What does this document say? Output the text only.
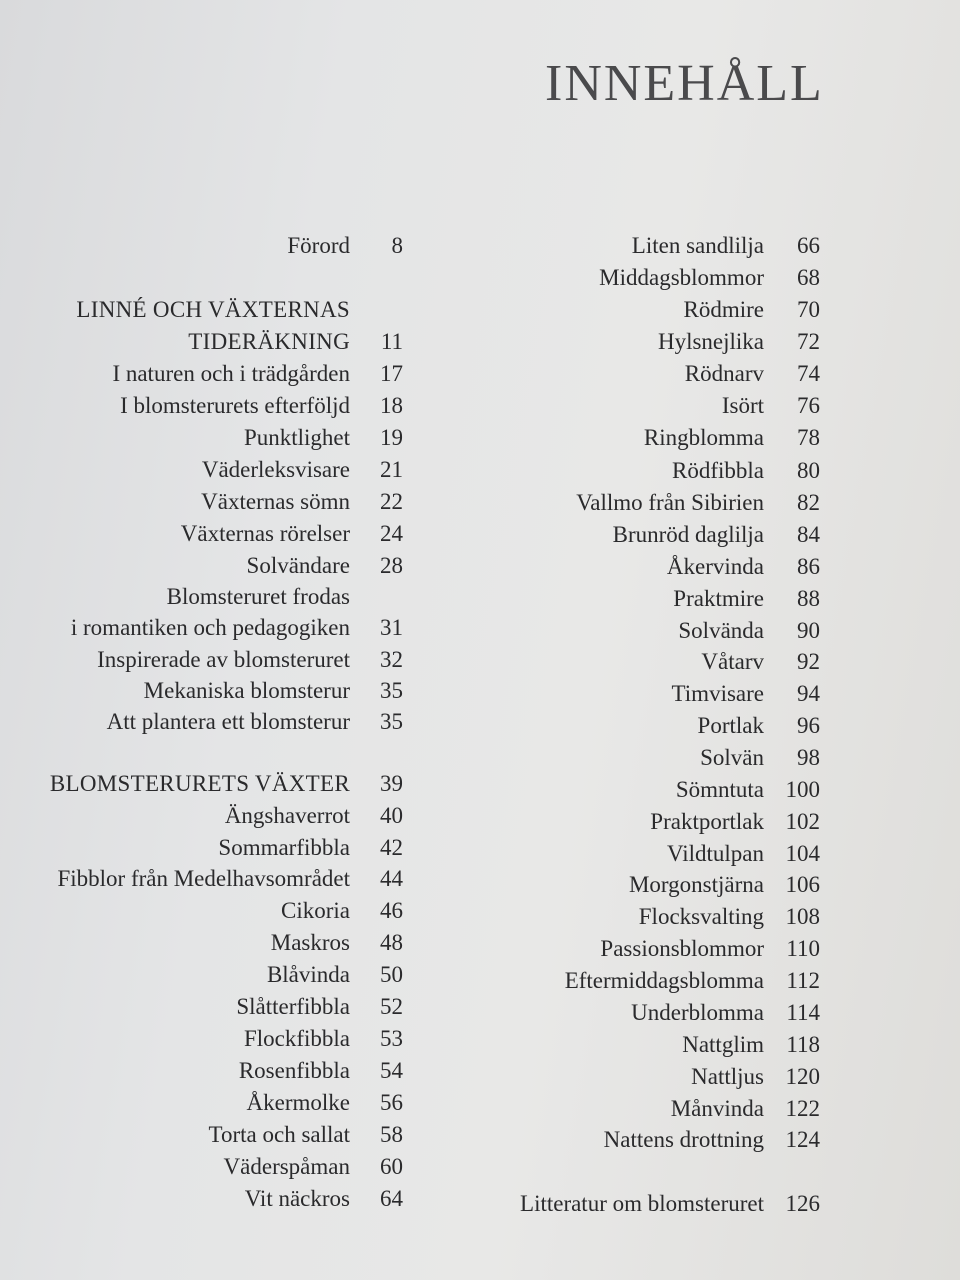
INNEHÅLL
Förord	8
LINNÉ OCH VÄXTERNAS
TIDERÄKNING	11
I naturen och i trädgården	17
I blomsterurets efterföljd	18
Punktlighet	19
Väderleksvisare	21
Växternas sömn	22
Växternas rörelser	24
Solvändare	28
Blomsteruret frodas
i romantiken och pedagogiken	31
Inspirerade av blomsteruret	32
Mekaniska blomsterur	35
Att plantera ett blomsterur	35
BLOMSTERURETS VÄXTER	39
Ängshaverrot	40
Sommarfibbla	42
Fibblor från Medelhavsområdet	44
Cikoria	46
Maskros	48
Blåvinda	50
Slåtterfibbla	52
Flockfibbla	53
Rosenfibbla	54
Åkermolke	56
Torta och sallat	58
Väderspåman	60
Vit näckros	64
Liten sandlilja	66
Middagsblommor	68
Rödmire	70
Hylsnejlika	72
Rödnarv	74
Isört	76
Ringblomma	78
Rödfibbla	80
Vallmo från Sibirien	82
Brunröd daglilja	84
Åkervinda	86
Praktmire	88
Solvända	90
Våtarv	92
Timvisare	94
Portlak	96
Solvän	98
Sömntuta 100
Praktportlak 102
Vildtulpan 104
Morgonstjärna 106
Flocksvalting 108
Passionsblommor 110
Eftermiddagsblomma 112
Underblomma 114
Nattglim 118
Nattljus 120
Månvinda 122
Nattens drottning 124
Litteratur om blomsteruret 126
